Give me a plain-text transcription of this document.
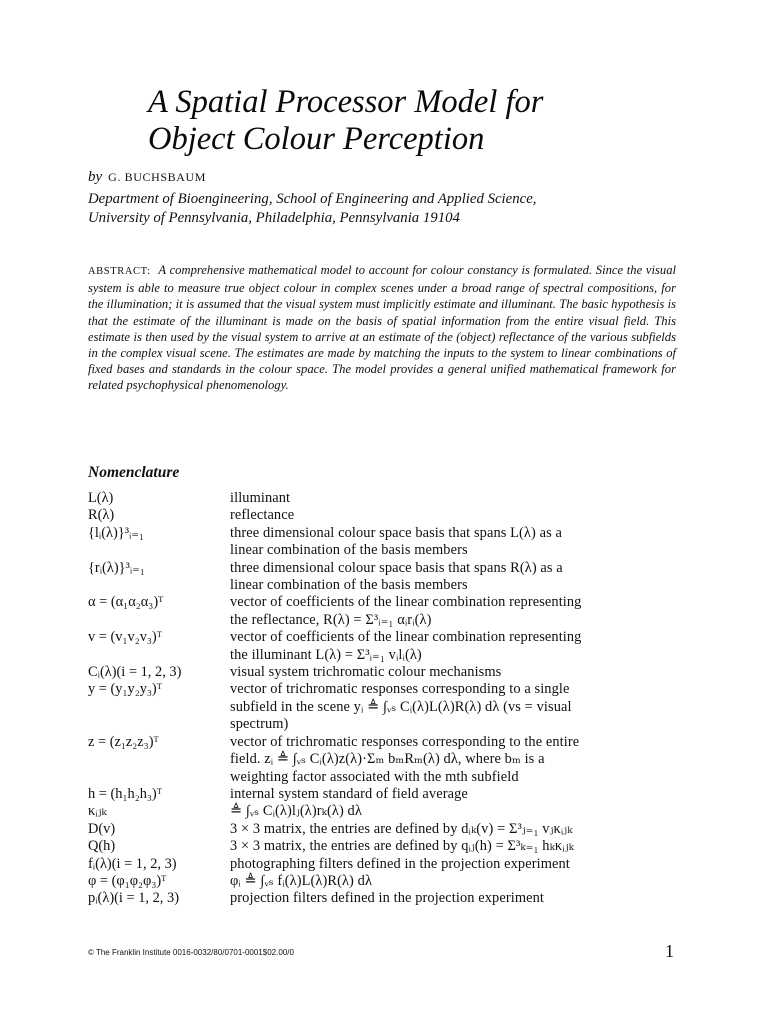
A Spatial Processor Model for
Object Colour Perception
by G. BUCHSBAUM
Department of Bioengineering, School of Engineering and Applied Science,
University of Pennsylvania, Philadelphia, Pennsylvania 19104
ABSTRACT: A comprehensive mathematical model to account for colour constancy is formulated. Since the visual system is able to measure true object colour in complex scenes under a broad range of spectral compositions, for the illumination; it is assumed that the visual system must implicitly estimate and illuminant. The basic hypothesis is that the estimate of the illuminant is made on the basis of spatial information from the entire visual field. This estimate is then used by the visual system to arrive at an estimate of the (object) reflectance of the various subfields in the complex visual scene. The estimates are made by matching the inputs to the system to linear combinations of fixed bases and standards in the colour space. The model provides a general unified mathematical framework for related psychophysical phenomenology.
Nomenclature
L(λ)	illuminant
R(λ)	reflectance
{lᵢ(λ)}³ᵢ₌₁	three dimensional colour space basis that spans L(λ) as a
linear combination of the basis members
{rᵢ(λ)}³ᵢ₌₁	three dimensional colour space basis that spans R(λ) as a
linear combination of the basis members
α = (α₁α₂α₃)ᵀ	vector of coefficients of the linear combination representing
the reflectance, R(λ) = Σ³ᵢ₌₁ αᵢrᵢ(λ)
v = (v₁v₂v₃)ᵀ	vector of coefficients of the linear combination representing
the illuminant L(λ) = Σ³ᵢ₌₁ vᵢlᵢ(λ)
Cᵢ(λ)(i = 1, 2, 3)	visual system trichromatic colour mechanisms
y = (y₁y₂y₃)ᵀ	vector of trichromatic responses corresponding to a single
subfield in the scene yᵢ ≜ ∫ᵥₛ Cᵢ(λ)L(λ)R(λ) dλ (vs = visual
spectrum)
z = (z₁z₂z₃)ᵀ	vector of trichromatic responses corresponding to the entire
field. zᵢ ≜ ∫ᵥₛ Cᵢ(λ)z(λ)·Σₘ bₘRₘ(λ) dλ, where bₘ is a
weighting factor associated with the mth subfield
h = (h₁h₂h₃)ᵀ	internal system standard of field average
κᵢⱼₖ	≜ ∫ᵥₛ Cᵢ(λ)lⱼ(λ)rₖ(λ) dλ
D(v)	3 × 3 matrix, the entries are defined by dᵢₖ(v) = Σ³ⱼ₌₁ vⱼκᵢⱼₖ
Q(h)	3 × 3 matrix, the entries are defined by qᵢⱼ(h) = Σ³ₖ₌₁ hₖκᵢⱼₖ
fᵢ(λ)(i = 1, 2, 3)	photographing filters defined in the projection experiment
φ = (φ₁φ₂φ₃)ᵀ	φᵢ ≜ ∫ᵥₛ fᵢ(λ)L(λ)R(λ) dλ
pᵢ(λ)(i = 1, 2, 3)	projection filters defined in the projection experiment
© The Franklin Institute 0016-0032/80/0701-0001$02.00/0	1
